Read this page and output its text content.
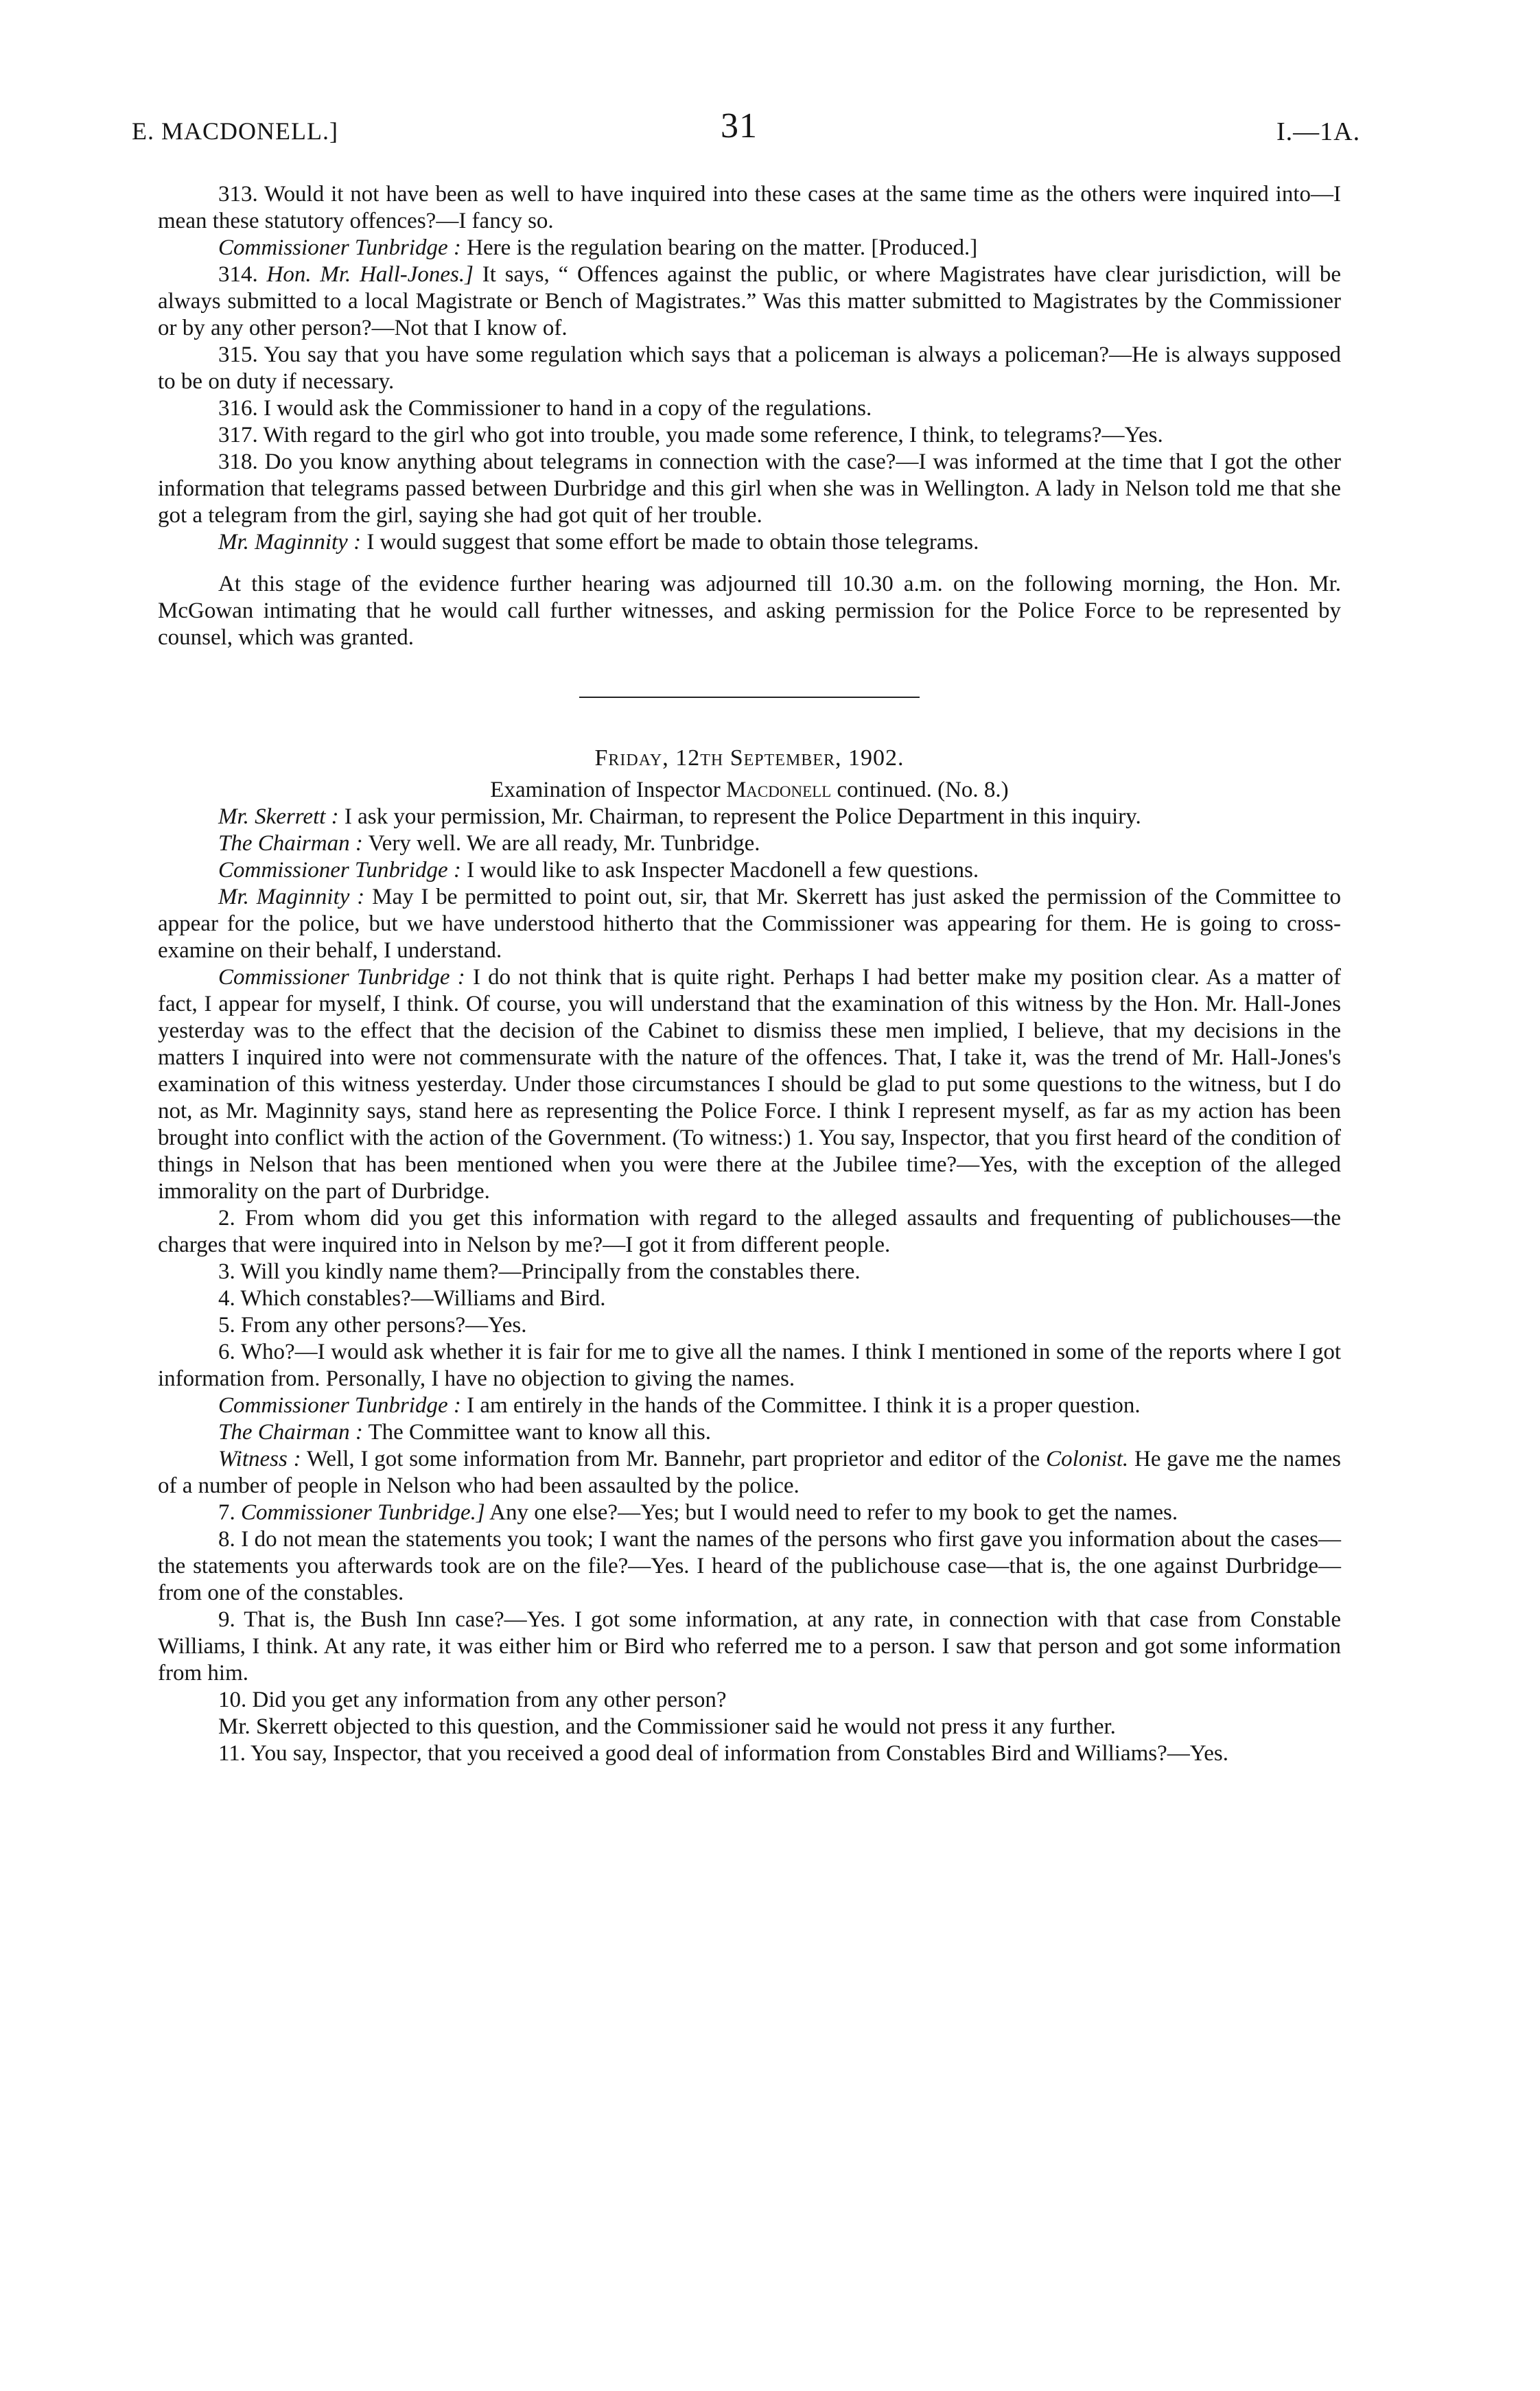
E. MACDONELL.]	31	I.—1A.

313. Would it not have been as well to have inquired into these cases at the same time as the others were inquired into—I mean these statutory offences?—I fancy so.

Commissioner Tunbridge : Here is the regulation bearing on the matter. [Produced.]

314. Hon. Mr. Hall-Jones.] It says, “ Offences against the public, or where Magistrates have clear jurisdiction, will be always submitted to a local Magistrate or Bench of Magistrates.” Was this matter submitted to Magistrates by the Commissioner or by any other person?—Not that I know of.

315. You say that you have some regulation which says that a policeman is always a policeman?—He is always supposed to be on duty if necessary.

316. I would ask the Commissioner to hand in a copy of the regulations.

317. With regard to the girl who got into trouble, you made some reference, I think, to telegrams?—Yes.

318. Do you know anything about telegrams in connection with the case?—I was informed at the time that I got the other information that telegrams passed between Durbridge and this girl when she was in Wellington. A lady in Nelson told me that she got a telegram from the girl, saying she had got quit of her trouble.

Mr. Maginnity : I would suggest that some effort be made to obtain those telegrams.

At this stage of the evidence further hearing was adjourned till 10.30 a.m. on the following morning, the Hon. Mr. McGowan intimating that he would call further witnesses, and asking permission for the Police Force to be represented by counsel, which was granted.

Friday, 12th September, 1902.

Examination of Inspector Macdonell continued. (No. 8.)

Mr. Skerrett : I ask your permission, Mr. Chairman, to represent the Police Department in this inquiry.

The Chairman : Very well. We are all ready, Mr. Tunbridge.

Commissioner Tunbridge : I would like to ask Inspecter Macdonell a few questions.

Mr. Maginnity : May I be permitted to point out, sir, that Mr. Skerrett has just asked the permission of the Committee to appear for the police, but we have understood hitherto that the Commissioner was appearing for them. He is going to cross-examine on their behalf, I understand.

Commissioner Tunbridge : I do not think that is quite right. Perhaps I had better make my position clear. As a matter of fact, I appear for myself, I think. Of course, you will understand that the examination of this witness by the Hon. Mr. Hall-Jones yesterday was to the effect that the decision of the Cabinet to dismiss these men implied, I believe, that my decisions in the matters I inquired into were not commensurate with the nature of the offences. That, I take it, was the trend of Mr. Hall-Jones's examination of this witness yesterday. Under those circumstances I should be glad to put some questions to the witness, but I do not, as Mr. Maginnity says, stand here as representing the Police Force. I think I represent myself, as far as my action has been brought into conflict with the action of the Government. (To witness:) 1. You say, Inspector, that you first heard of the condition of things in Nelson that has been mentioned when you were there at the Jubilee time?—Yes, with the exception of the alleged immorality on the part of Durbridge.

2. From whom did you get this information with regard to the alleged assaults and frequenting of publichouses—the charges that were inquired into in Nelson by me?—I got it from different people.

3. Will you kindly name them?—Principally from the constables there.

4. Which constables?—Williams and Bird.

5. From any other persons?—Yes.

6. Who?—I would ask whether it is fair for me to give all the names. I think I mentioned in some of the reports where I got information from. Personally, I have no objection to giving the names.

Commissioner Tunbridge : I am entirely in the hands of the Committee. I think it is a proper question.

The Chairman : The Committee want to know all this.

Witness : Well, I got some information from Mr. Bannehr, part proprietor and editor of the Colonist. He gave me the names of a number of people in Nelson who had been assaulted by the police.

7. Commissioner Tunbridge.] Any one else?—Yes; but I would need to refer to my book to get the names.

8. I do not mean the statements you took; I want the names of the persons who first gave you information about the cases—the statements you afterwards took are on the file?—Yes. I heard of the publichouse case—that is, the one against Durbridge—from one of the constables.

9. That is, the Bush Inn case?—Yes. I got some information, at any rate, in connection with that case from Constable Williams, I think. At any rate, it was either him or Bird who referred me to a person. I saw that person and got some information from him.

10. Did you get any information from any other person?

Mr. Skerrett objected to this question, and the Commissioner said he would not press it any further.

11. You say, Inspector, that you received a good deal of information from Constables Bird and Williams?—Yes.
